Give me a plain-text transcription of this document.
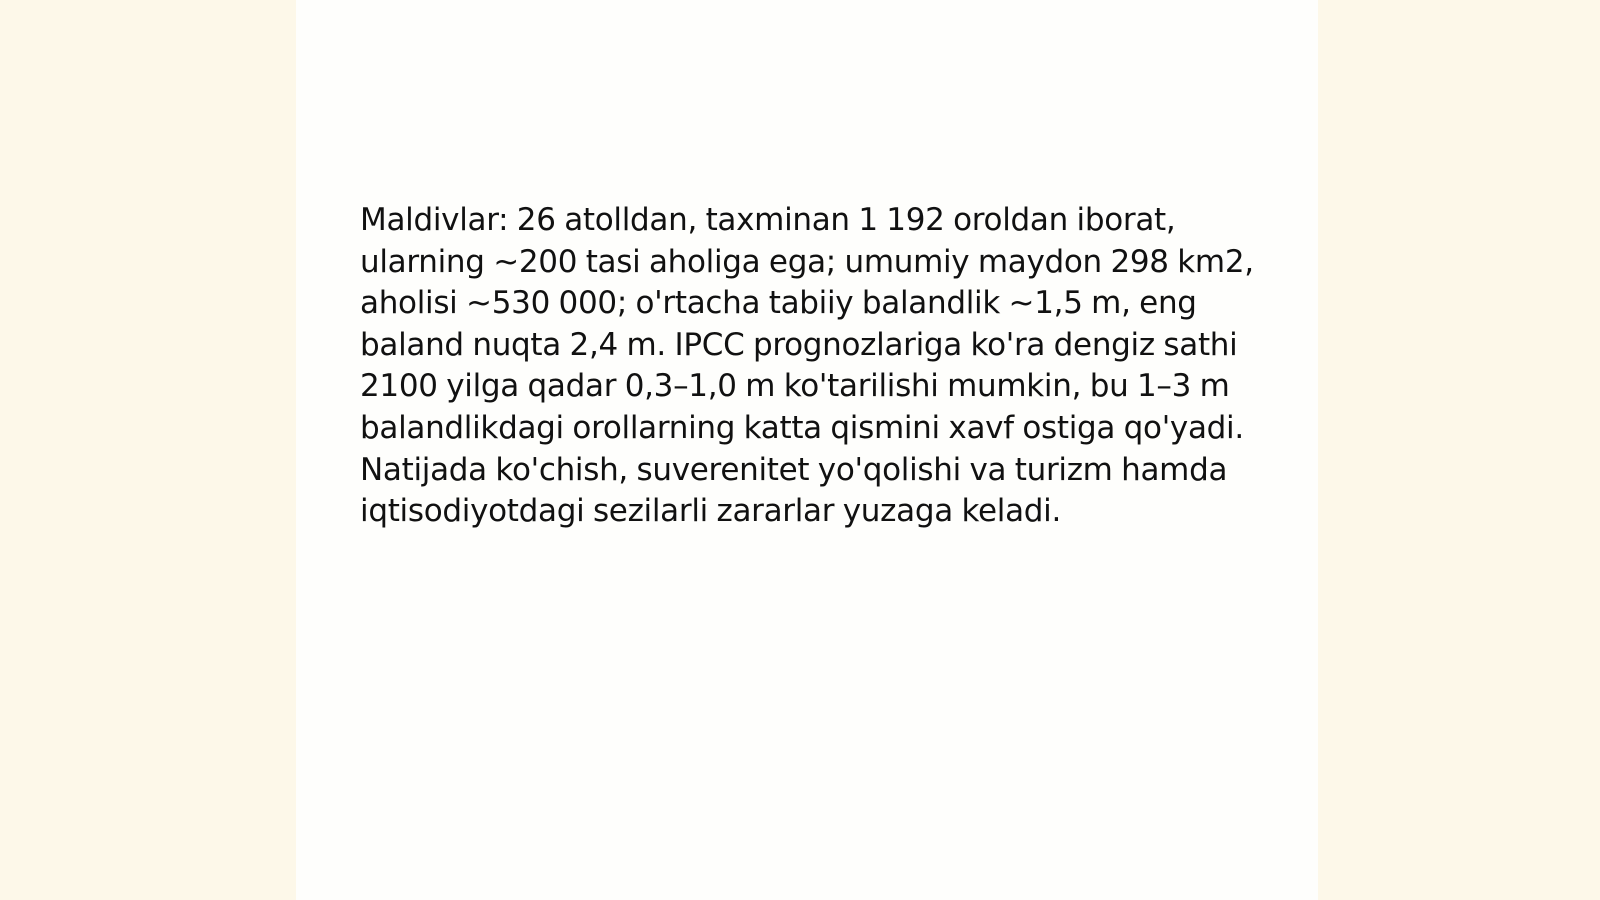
Maldivlar: 26 atolldan, taxminan 1 192 oroldan iborat, ularning ~200 tasi aholiga ega; umumiy maydon 298 km2, aholisi ~530 000; o'rtacha tabiiy balandlik ~1,5 m, eng baland nuqta 2,4 m. IPCC prognozlariga ko'ra dengiz sathi 2100 yilga qadar 0,3–1,0 m ko'tarilishi mumkin, bu 1–3 m balandlikdagi orollarning katta qismini xavf ostiga qo'yadi. Natijada ko'chish, suverenitet yo'qolishi va turizm hamda iqtisodiyotdagi sezilarli zararlar yuzaga keladi.
